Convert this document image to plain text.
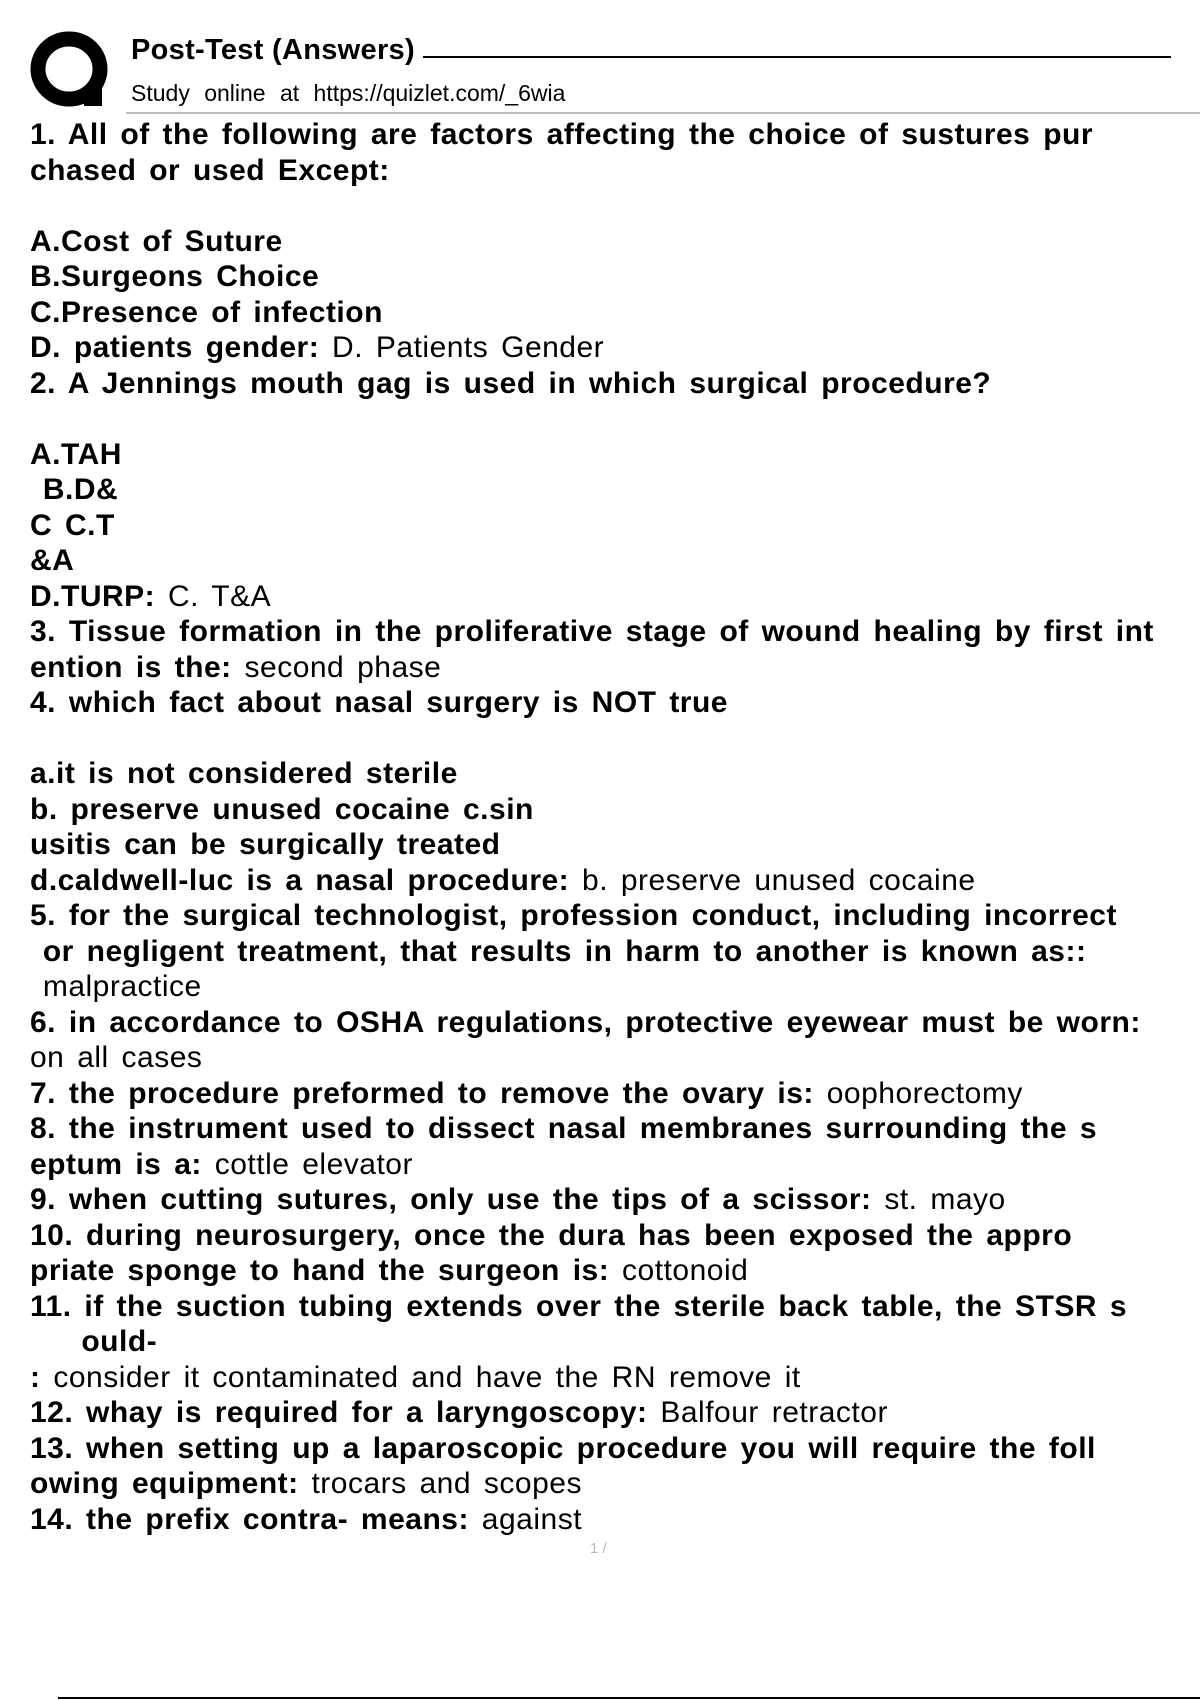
Post-Test (Answers)
Study online at https://quizlet.com/_6wia
1. All of the following are factors affecting the choice of sustures pur
chased or used Except:
A.Cost of Suture
B.Surgeons Choice
C.Presence of infection
D. patients gender: D. Patients Gender
2. A Jennings mouth gag is used in which surgical procedure?
A.TAH
B.D&
C C.T
&A
D.TURP: C. T&A
3. Tissue formation in the proliferative stage of wound healing by first int
ention is the: second phase
4. which fact about nasal surgery is NOT true
a.it is not considered sterile
b. preserve unused cocaine c.sin
usitis can be surgically treated
d.caldwell-luc is a nasal procedure: b. preserve unused cocaine
5. for the surgical technologist, profession conduct, including incorrect
or negligent treatment, that results in harm to another is known as::
malpractice
6. in accordance to OSHA regulations, protective eyewear must be worn:
on all cases
7. the procedure preformed to remove the ovary is: oophorectomy
8. the instrument used to dissect nasal membranes surrounding the s
eptum is a: cottle elevator
9. when cutting sutures, only use the tips of a scissor: st. mayo
10. during neurosurgery, once the dura has been exposed the appro
priate sponge to hand the surgeon is: cottonoid
11. if the suction tubing extends over the sterile back table, the STSR s
ould-
: consider it contaminated and have the RN remove it
12. whay is required for a laryngoscopy: Balfour retractor
13. when setting up a laparoscopic procedure you will require the foll
owing equipment: trocars and scopes
14. the prefix contra- means: against
1 /
